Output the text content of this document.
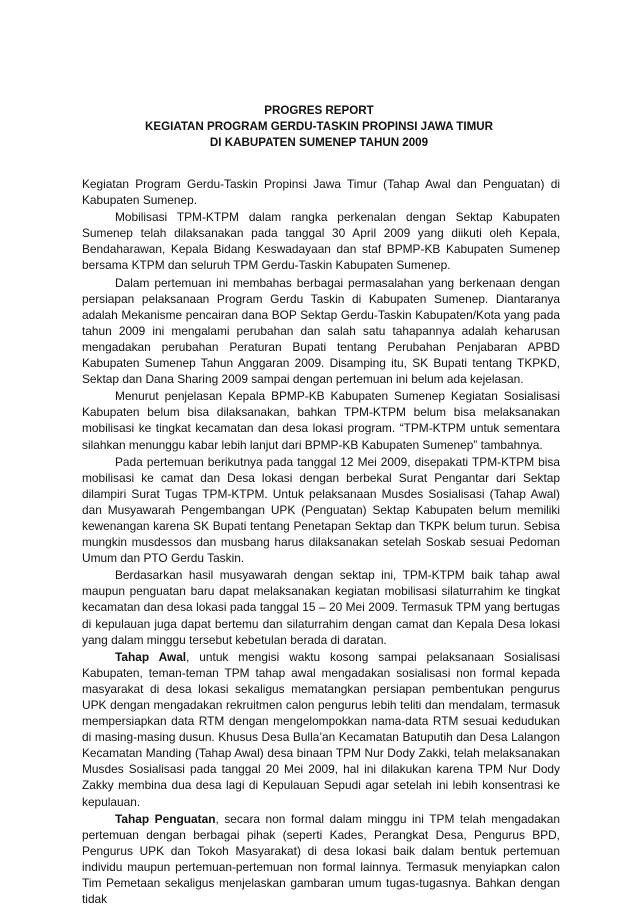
PROGRES REPORT
KEGIATAN PROGRAM GERDU-TASKIN PROPINSI JAWA TIMUR
DI KABUPATEN SUMENEP TAHUN 2009

Kegiatan Program Gerdu-Taskin Propinsi Jawa Timur (Tahap Awal dan Penguatan) di Kabupaten Sumenep.

Mobilisasi TPM-KTPM dalam rangka perkenalan dengan Sektap Kabupaten Sumenep telah dilaksanakan pada tanggal 30 April 2009 yang diikuti oleh Kepala, Bendaharawan, Kepala Bidang Keswadayaan dan staf BPMP-KB Kabupaten Sumenep bersama KTPM dan seluruh TPM Gerdu-Taskin Kabupaten Sumenep.

Dalam pertemuan ini membahas berbagai permasalahan yang berkenaan dengan persiapan pelaksanaan Program Gerdu Taskin di Kabupaten Sumenep. Diantaranya adalah Mekanisme pencairan dana BOP Sektap Gerdu-Taskin Kabupaten/Kota yang pada tahun 2009 ini mengalami perubahan dan salah satu tahapannya adalah keharusan mengadakan perubahan Peraturan Bupati tentang Perubahan Penjabaran APBD Kabupaten Sumenep Tahun Anggaran 2009. Disamping itu, SK Bupati tentang TKPKD, Sektap dan Dana Sharing 2009 sampai dengan pertemuan ini belum ada kejelasan.

Menurut penjelasan Kepala BPMP-KB Kabupaten Sumenep Kegiatan Sosialisasi Kabupaten belum bisa dilaksanakan, bahkan TPM-KTPM belum bisa melaksanakan mobilisasi ke tingkat kecamatan dan desa lokasi program. “TPM-KTPM untuk sementara silahkan menunggu kabar lebih lanjut dari BPMP-KB Kabupaten Sumenep” tambahnya.

Pada pertemuan berikutnya pada tanggal 12 Mei 2009, disepakati TPM-KTPM bisa mobilisasi ke camat dan Desa lokasi dengan berbekal Surat Pengantar dari Sektap dilampiri Surat Tugas TPM-KTPM. Untuk pelaksanaan Musdes Sosialisasi (Tahap Awal) dan Musyawarah Pengembangan UPK (Penguatan) Sektap Kabupaten belum memiliki kewenangan karena SK Bupati tentang Penetapan Sektap dan TKPK belum turun. Sebisa mungkin musdessos dan musbang harus dilaksanakan setelah Soskab sesuai Pedoman Umum dan PTO Gerdu Taskin.

Berdasarkan hasil musyawarah dengan sektap ini, TPM-KTPM baik tahap awal maupun penguatan baru dapat melaksanakan kegiatan mobilisasi silaturrahim ke tingkat kecamatan dan desa lokasi pada tanggal 15 – 20 Mei 2009. Termasuk TPM yang bertugas di kepulauan juga dapat bertemu dan silaturrahim dengan camat dan Kepala Desa lokasi yang dalam minggu tersebut kebetulan berada di daratan.

Tahap Awal, untuk mengisi waktu kosong sampai pelaksanaan Sosialisasi Kabupaten, teman-teman TPM tahap awal mengadakan sosialisasi non formal kepada masyarakat di desa lokasi sekaligus mematangkan persiapan pembentukan pengurus UPK dengan mengadakan rekruitmen calon pengurus lebih teliti dan mendalam, termasuk mempersiapkan data RTM dengan mengelompokkan nama-data RTM sesuai kedudukan di masing-masing dusun. Khusus Desa Bulla’an Kecamatan Batuputih dan Desa Lalangon Kecamatan Manding (Tahap Awal) desa binaan TPM Nur Dody Zakki, telah melaksanakan Musdes Sosialisasi pada tanggal 20 Mei 2009, hal ini dilakukan karena TPM Nur Dody Zakky membina dua desa lagi di Kepulauan Sepudi agar setelah ini lebih konsentrasi ke kepulauan.

Tahap Penguatan, secara non formal dalam minggu ini TPM telah mengadakan pertemuan dengan berbagai pihak (seperti Kades, Perangkat Desa, Pengurus BPD, Pengurus UPK dan Tokoh Masyarakat) di desa lokasi baik dalam bentuk pertemuan individu maupun pertemuan-pertemuan non formal lainnya. Termasuk menyiapkan calon Tim Pemetaan sekaligus menjelaskan gambaran umum tugas-tugasnya. Bahkan dengan tidak
